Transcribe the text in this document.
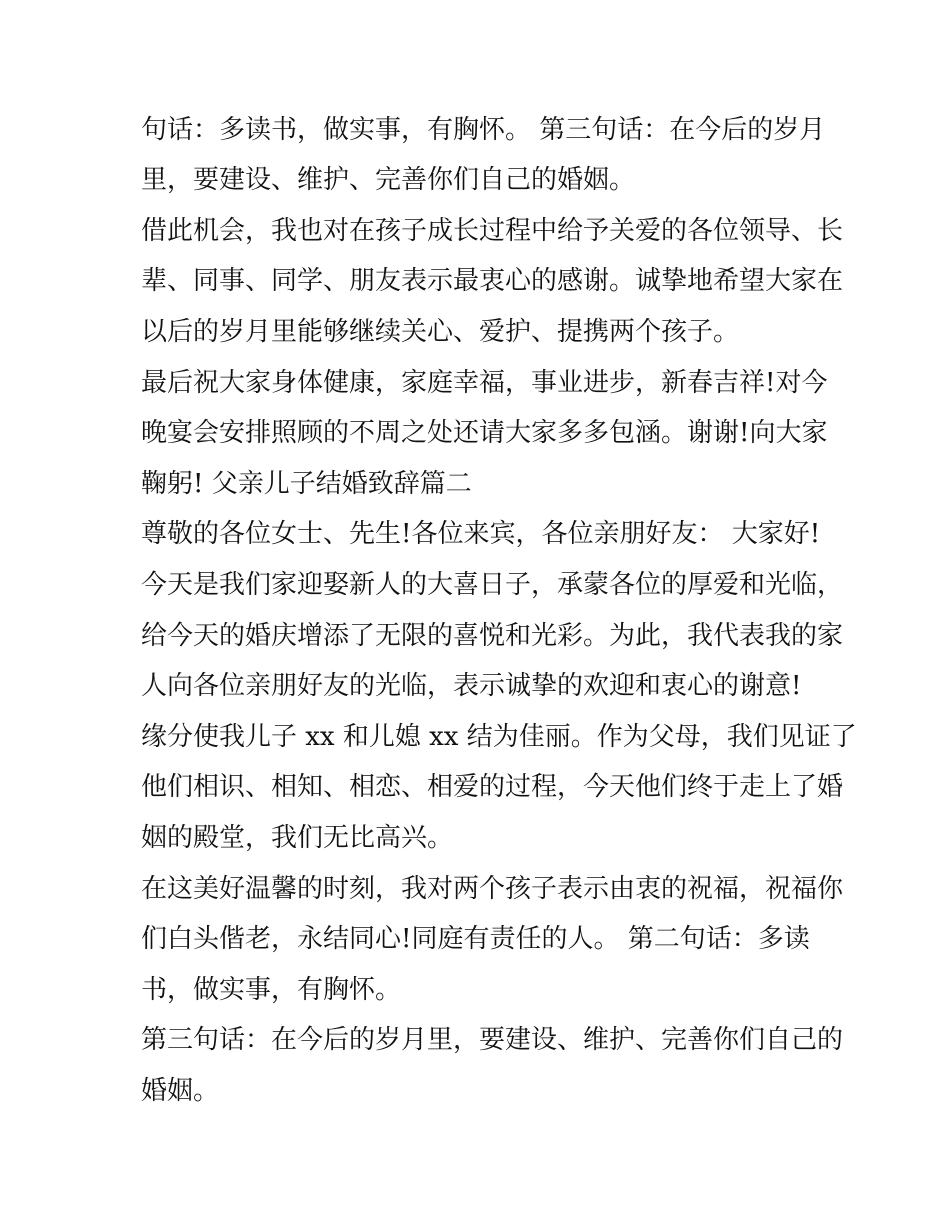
句话：多读书，做实事，有胸怀。 第三句话：在今后的岁月
里，要建设、维护、完善你们自己的婚姻。
借此机会，我也对在孩子成长过程中给予关爱的各位领导、长
辈、同事、同学、朋友表示最衷心的感谢。诚挚地希望大家在
以后的岁月里能够继续关心、爱护、提携两个孩子。
最后祝大家身体健康，家庭幸福，事业进步，新春吉祥!对今
晚宴会安排照顾的不周之处还请大家多多包涵。谢谢!向大家
鞠躬! 父亲儿子结婚致辞篇二
尊敬的各位女士、先生!各位来宾，各位亲朋好友： 大家好!
今天是我们家迎娶新人的大喜日子，承蒙各位的厚爱和光临，
给今天的婚庆增添了无限的喜悦和光彩。为此，我代表我的家
人向各位亲朋好友的光临，表示诚挚的欢迎和衷心的谢意!
缘分使我儿子 xx 和儿媳 xx 结为佳丽。作为父母，我们见证了
他们相识、相知、相恋、相爱的过程，今天他们终于走上了婚
姻的殿堂，我们无比高兴。
在这美好温馨的时刻，我对两个孩子表示由衷的祝福，祝福你
们白头偕老，永结同心!同庭有责任的人。 第二句话：多读
书，做实事，有胸怀。
第三句话：在今后的岁月里，要建设、维护、完善你们自己的
婚姻。
